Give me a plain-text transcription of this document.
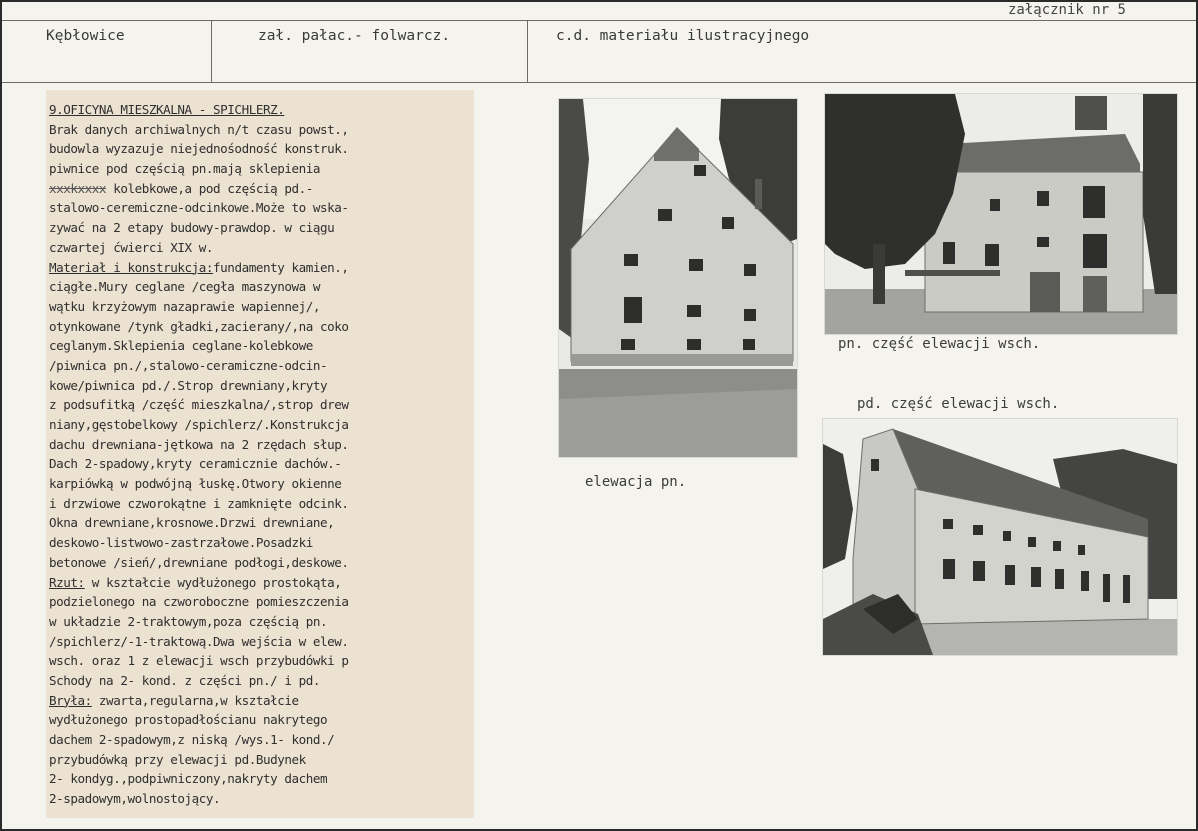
załącznik nr 5
Kębłowice	zał. pałac.- folwarcz.	c.d. materiału ilustracyjnego
9.OFICYNA MIESZKALNA - SPICHLERZ.
Brak danych archiwalnych n/t czasu powst.,
budowla wyzazuje niejednośodność konstruk.
piwnice pod częścią pn.mają sklepienia
xxxkxxxx kolebkowe,a pod częścią pd.-
stalowo-ceremiczne-odcinkowe.Może to wska-
zywać na 2 etapy budowy-prawdop. w ciągu
czwartej ćwierci XIX w.
Materiał i konstrukcja:fundamenty kamien.,
ciągłe.Mury ceglane /cegła maszynowa w
wątku krzyżowym nazaprawie wapiennej/,
otynkowane /tynk gładki,zacierany/,na coko
ceglanym.Sklepienia ceglane-kolebkowe
/piwnica pn./,stalowo-ceramiczne-odcin-
kowe/piwnica pd./.Strop drewniany,kryty
z podsufitką /część mieszkalna/,strop drew
niany,gęstobelkowy /spichlerz/.Konstrukcja
dachu drewniana-jętkowa na 2 rzędach słup.
Dach 2-spadowy,kryty ceramicznie dachów.-
karpiówką w podwójną łuskę.Otwory okienne
i drzwiowe czworokątne i zamknięte odcink.
Okna drewniane,krosnowe.Drzwi drewniane,
deskowo-listwowo-zastrzałowe.Posadzki
betonowe /sień/,drewniane podłogi,deskowe.
Rzut: w kształcie wydłużonego prostokąta,
podzielonego na czworoboczne pomieszczenia
w układzie 2-traktowym,poza częścią pn.
/spichlerz/-1-traktową.Dwa wejścia w elew.
wsch. oraz 1 z elewacji wsch przybudówki p
Schody na 2- kond. z części pn./ i pd.
Bryła: zwarta,regularna,w kształcie
wydłużonego prostopadłościanu nakrytego
dachem 2-spadowym,z niską /wys.1- kond./
przybudówką przy elewacji pd.Budynek
2- kondyg.,podpiwniczony,nakryty dachem
2-spadowym,wolnostojący.
elewacja pn.
pn. część elewacji wsch.
pd. część elewacji wsch.
